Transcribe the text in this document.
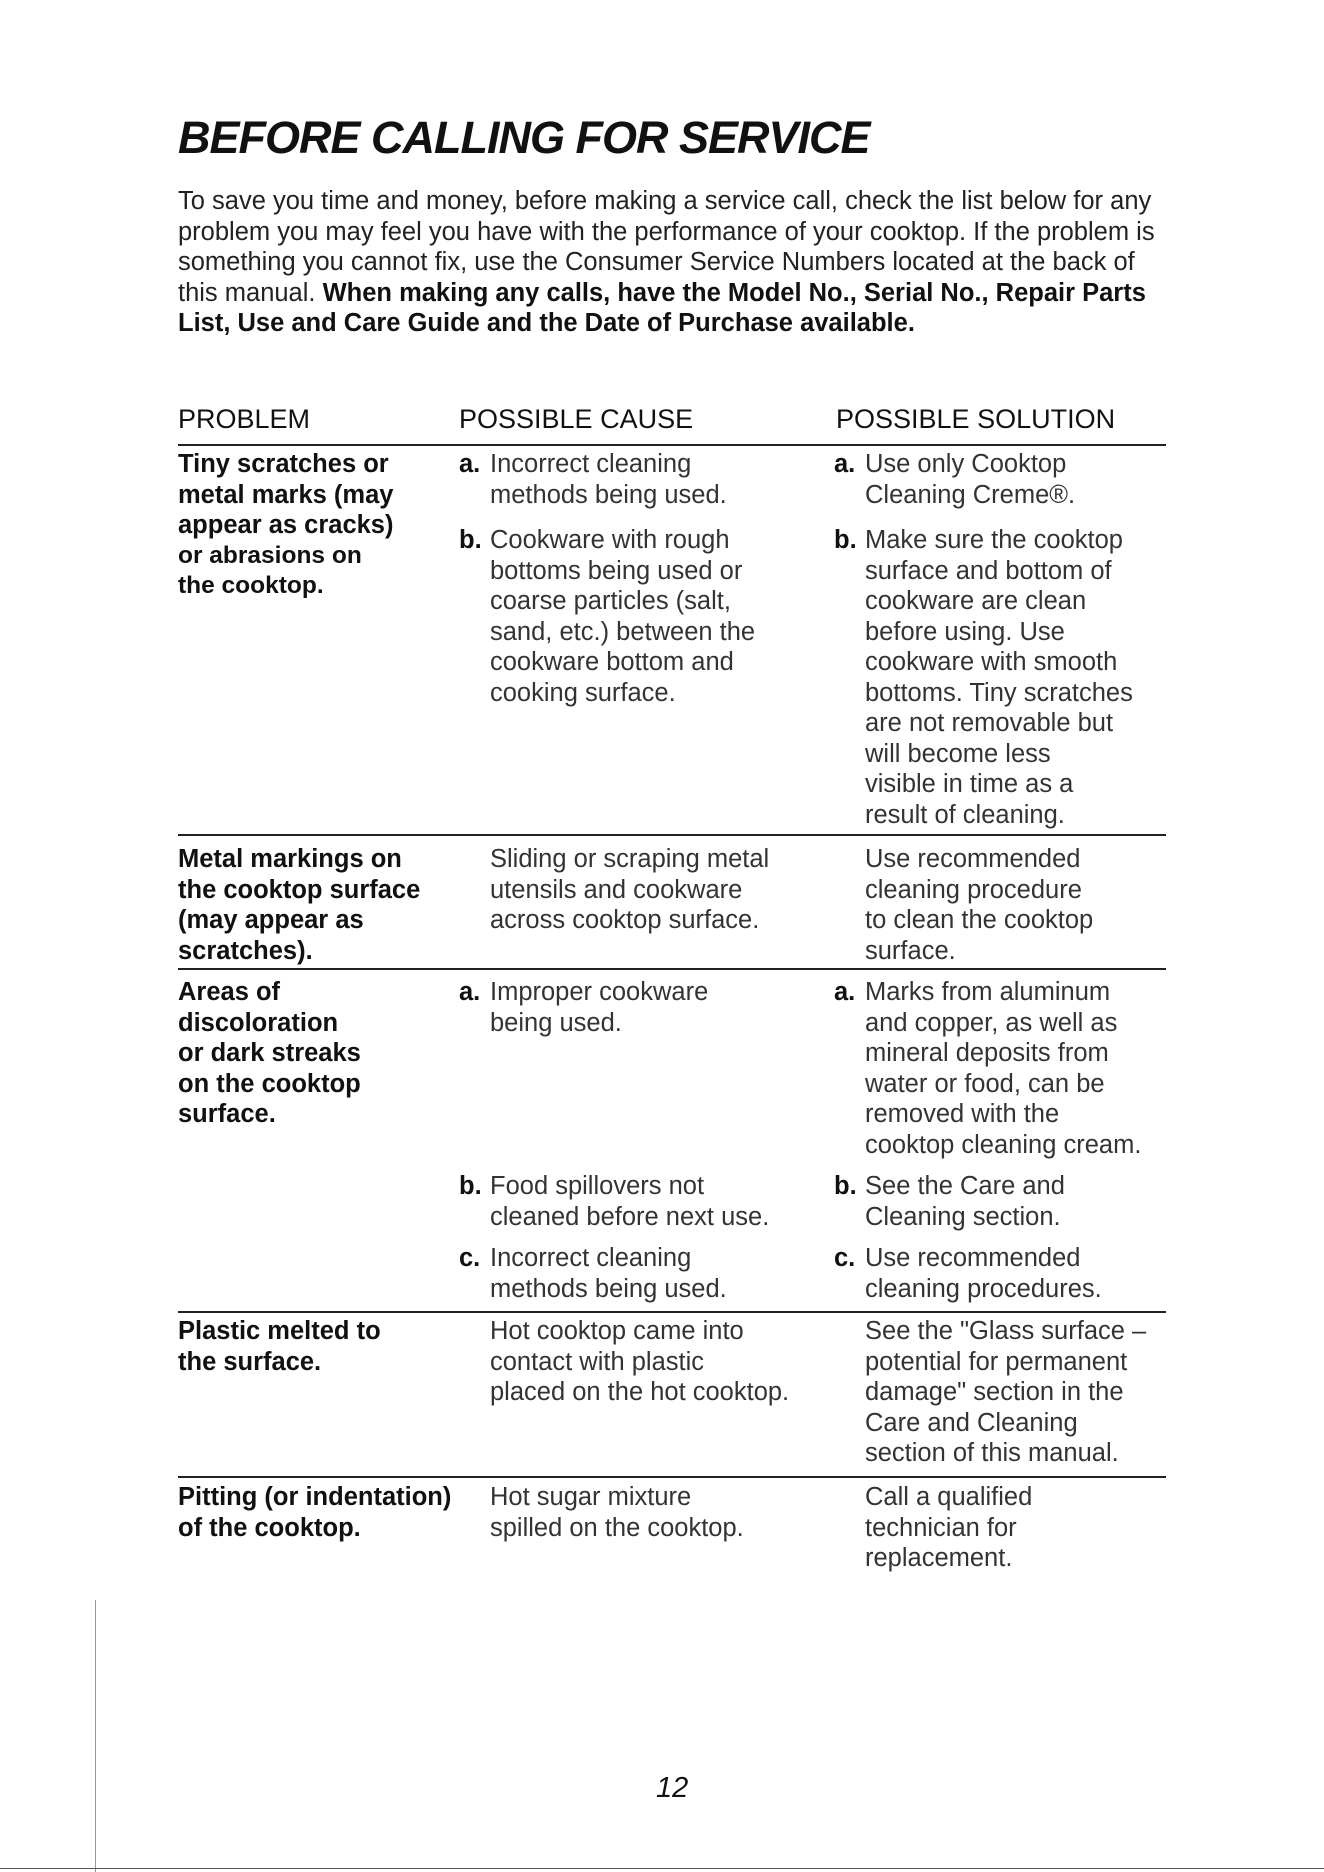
BEFORE CALLING FOR SERVICE
To save you time and money, before making a service call, check the list below for any problem you may feel you have with the performance of your cooktop. If the problem is something you cannot fix, use the Consumer Service Numbers located at the back of this manual. When making any calls, have the Model No., Serial No., Repair Parts List, Use and Care Guide and the Date of Purchase available.
PROBLEM	POSSIBLE CAUSE	POSSIBLE SOLUTION
Tiny scratches or
metal marks (may
appear as cracks)
or abrasions on
the cooktop.
a. Incorrect cleaning
methods being used.
b. Cookware with rough
bottoms being used or
coarse particles (salt,
sand, etc.) between the
cookware bottom and
cooking surface.
a. Use only Cooktop
Cleaning Creme®.
b. Make sure the cooktop
surface and bottom of
cookware are clean
before using. Use
cookware with smooth
bottoms. Tiny scratches
are not removable but
will become less
visible in time as a
result of cleaning.
Metal markings on
the cooktop surface
(may appear as
scratches).
Sliding or scraping metal
utensils and cookware
across cooktop surface.
Use recommended
cleaning procedure
to clean the cooktop
surface.
Areas of
discoloration
or dark streaks
on the cooktop
surface.
a. Improper cookware
being used.
b. Food spillovers not
cleaned before next use.
c. Incorrect cleaning
methods being used.
a. Marks from aluminum
and copper, as well as
mineral deposits from
water or food, can be
removed with the
cooktop cleaning cream.
b. See the Care and
Cleaning section.
c. Use recommended
cleaning procedures.
Plastic melted to
the surface.
Hot cooktop came into
contact with plastic
placed on the hot cooktop.
See the "Glass surface –
potential for permanent
damage" section in the
Care and Cleaning
section of this manual.
Pitting (or indentation)
of the cooktop.
Hot sugar mixture
spilled on the cooktop.
Call a qualified
technician for
replacement.
12
